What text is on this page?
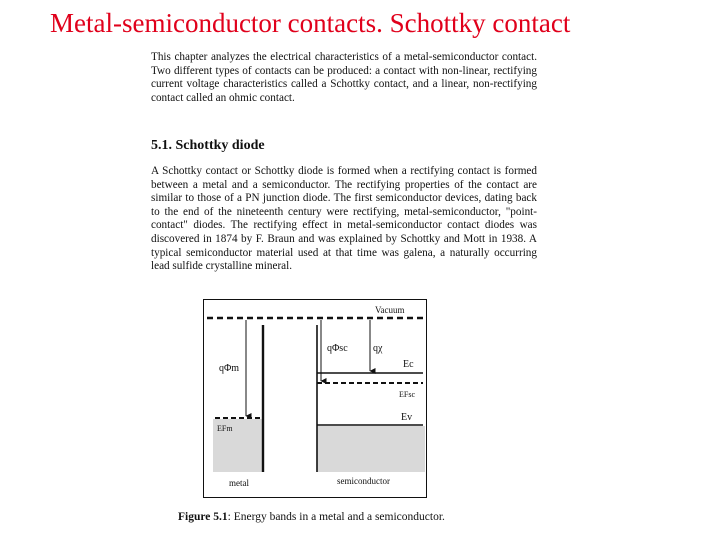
Metal-semiconductor contacts. Schottky contact

This chapter analyzes the electrical characteristics of a metal-semiconductor contact. Two different types of contacts can be produced: a contact with non-linear, rectifying current voltage characteristics called a Schottky contact, and a linear, non-rectifying contact called an ohmic contact.

5.1. Schottky diode

A Schottky contact or Schottky diode is formed when a rectifying contact is formed between a metal and a semiconductor. The rectifying properties of the contact are similar to those of a PN junction diode. The first semiconductor devices, dating back to the end of the nineteenth century were rectifying, metal-semiconductor, "point-contact" diodes. The rectifying effect in metal-semiconductor contact diodes was discovered in 1874 by F. Braun and was explained by Schottky and Mott in 1938. A typical semiconductor material used at that time was galena, a naturally occurring lead sulfide crystalline mineral.

Vacuum
qΦm
qΦsc	qχ
Ec
EFsc
Ev
EFm
metal	semiconductor
Figure 5.1: Energy bands in a metal and a semiconductor.
